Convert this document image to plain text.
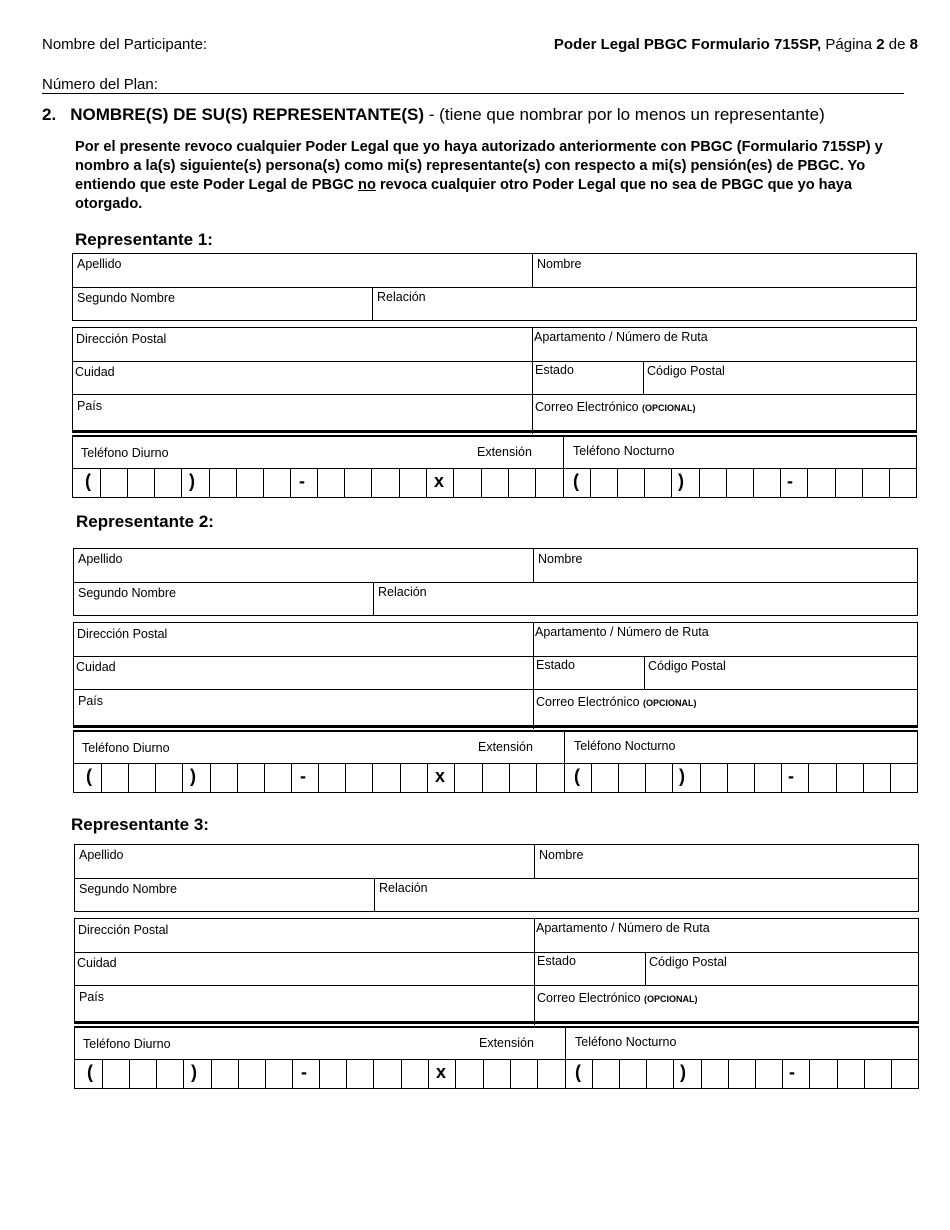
Nombre del Participante:
Número del Plan:
Poder Legal PBGC Formulario 715SP, Página 2 de 8
2. NOMBRE(S) DE SU(S) REPRESENTANTE(S) - (tiene que nombrar por lo menos un representante)
Por el presente revoco cualquier Poder Legal que yo haya autorizado anteriormente con PBGC (Formulario 715SP) y nombro a la(s) siguiente(s) persona(s) como mi(s) representante(s) con respecto a mi(s) pensión(es) de PBGC. Yo entiendo que este Poder Legal de PBGC no revoca cualquier otro Poder Legal que no sea de PBGC que yo haya otorgado.
Representante 1:
Apellido	Nombre
Segundo Nombre	Relación
Dirección Postal	Apartamento / Número de Ruta
Cuidad	Estado	Código Postal
País	Correo Electrónico (OPCIONAL)
Teléfono Diurno	Extensión	Teléfono Nocturno
(	)	-	x	(	)	-
Representante 2:
Apellido	Nombre
Segundo Nombre	Relación
Dirección Postal	Apartamento / Número de Ruta
Cuidad	Estado	Código Postal
País	Correo Electrónico (OPCIONAL)
Teléfono Diurno	Extensión	Teléfono Nocturno
(	)	-	x	(	)	-
Representante 3:
Apellido	Nombre
Segundo Nombre	Relación
Dirección Postal	Apartamento / Número de Ruta
Cuidad	Estado	Código Postal
País	Correo Electrónico (OPCIONAL)
Teléfono Diurno	Extensión	Teléfono Nocturno
(	)	-	x	(	)	-
